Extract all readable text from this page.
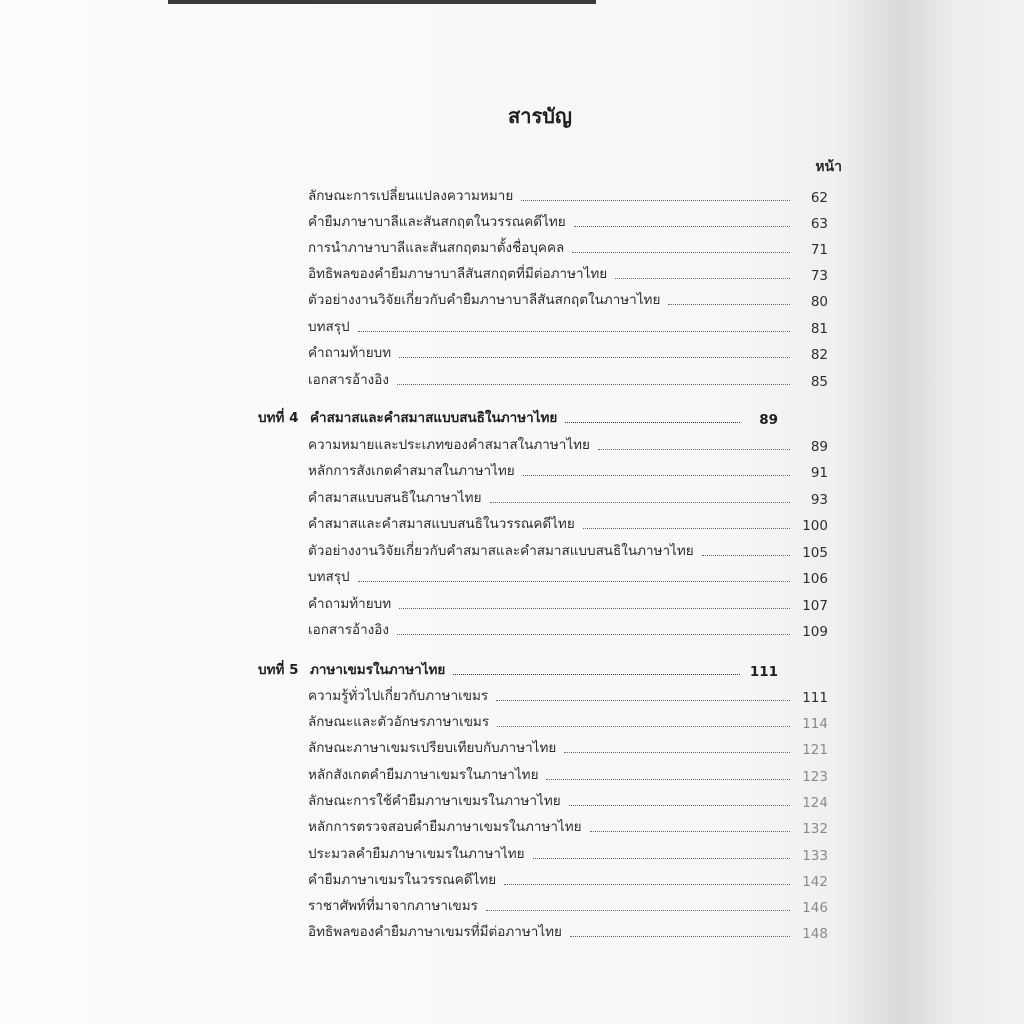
สารบัญ
หน้า
ลักษณะการเปลี่ยนแปลงความหมาย	62
คำยืมภาษาบาลีและสันสกฤตในวรรณคดีไทย	63
การนำภาษาบาลีและสันสกฤตมาตั้งชื่อบุคคล	71
อิทธิพลของคำยืมภาษาบาลีสันสกฤตที่มีต่อภาษาไทย	73
ตัวอย่างงานวิจัยเกี่ยวกับคำยืมภาษาบาลีสันสกฤตในภาษาไทย	80
บทสรุป	81
คำถามท้ายบท	82
เอกสารอ้างอิง	85
บทที่ 4 คำสมาสและคำสมาสแบบสนธิในภาษาไทย	89
ความหมายและประเภทของคำสมาสในภาษาไทย	89
หลักการสังเกตคำสมาสในภาษาไทย	91
คำสมาสแบบสนธิในภาษาไทย	93
คำสมาสและคำสมาสแบบสนธิในวรรณคดีไทย	100
ตัวอย่างงานวิจัยเกี่ยวกับคำสมาสและคำสมาสแบบสนธิในภาษาไทย	105
บทสรุป	106
คำถามท้ายบท	107
เอกสารอ้างอิง	109
บทที่ 5 ภาษาเขมรในภาษาไทย	111
ความรู้ทั่วไปเกี่ยวกับภาษาเขมร	111
ลักษณะและตัวอักษรภาษาเขมร	114
ลักษณะภาษาเขมรเปรียบเทียบกับภาษาไทย	121
หลักสังเกตคำยืมภาษาเขมรในภาษาไทย	123
ลักษณะการใช้คำยืมภาษาเขมรในภาษาไทย	124
หลักการตรวจสอบคำยืมภาษาเขมรในภาษาไทย	132
ประมวลคำยืมภาษาเขมรในภาษาไทย	133
คำยืมภาษาเขมรในวรรณคดีไทย	142
ราชาศัพท์ที่มาจากภาษาเขมร	146
อิทธิพลของคำยืมภาษาเขมรที่มีต่อภาษาไทย	148
